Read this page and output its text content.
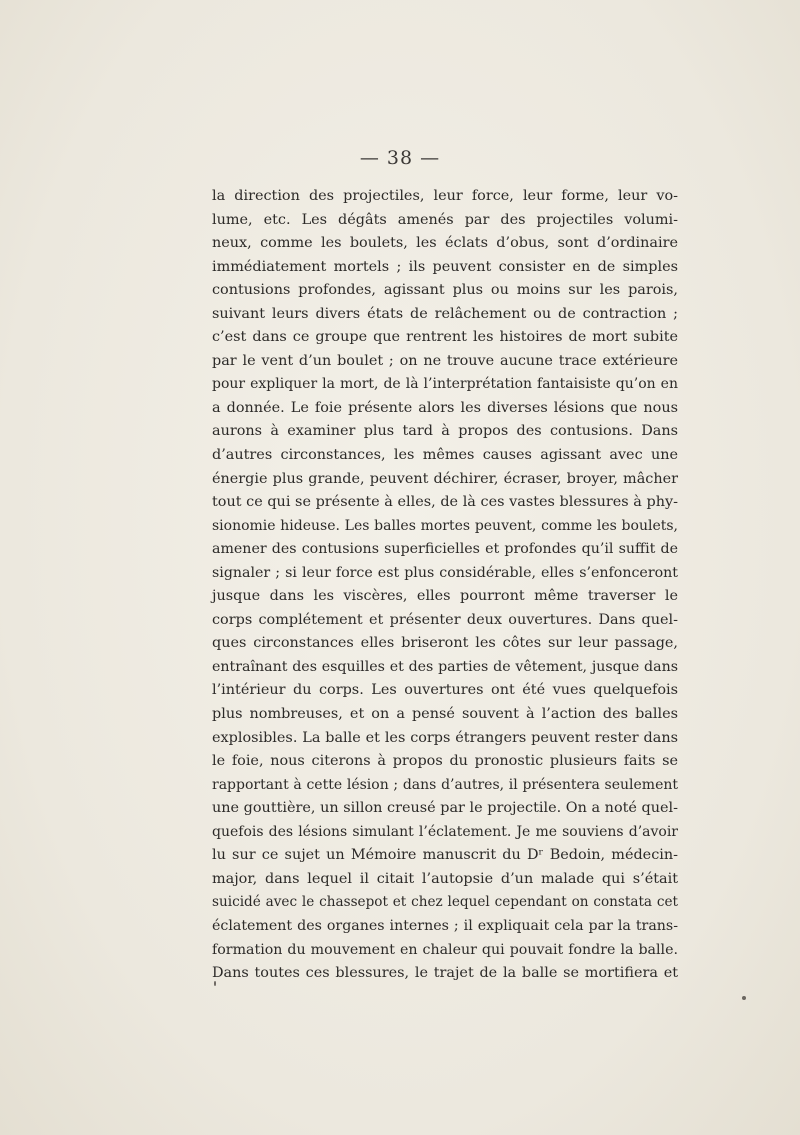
— 38 —
la direction des projectiles, leur force, leur forme, leur vo-
lume, etc. Les dégâts amenés par des projectiles volumi-
neux, comme les boulets, les éclats d’obus, sont d’ordinaire
immédiatement mortels ; ils peuvent consister en de simples
contusions profondes, agissant plus ou moins sur les parois,
suivant leurs divers états de relâchement ou de contraction ;
c’est dans ce groupe que rentrent les histoires de mort subite
par le vent d’un boulet ; on ne trouve aucune trace extérieure
pour expliquer la mort, de là l’interprétation fantaisiste qu’on en
a donnée. Le foie présente alors les diverses lésions que nous
aurons à examiner plus tard à propos des contusions. Dans
d’autres circonstances, les mêmes causes agissant avec une
énergie plus grande, peuvent déchirer, écraser, broyer, mâcher
tout ce qui se présente à elles, de là ces vastes blessures à phy-
sionomie hideuse. Les balles mortes peuvent, comme les boulets,
amener des contusions superficielles et profondes qu’il suffit de
signaler ; si leur force est plus considérable, elles s’enfonceront
jusque dans les viscères, elles pourront même traverser le
corps complétement et présenter deux ouvertures. Dans quel-
ques circonstances elles briseront les côtes sur leur passage,
entraînant des esquilles et des parties de vêtement, jusque dans
l’intérieur du corps. Les ouvertures ont été vues quelquefois
plus nombreuses, et on a pensé souvent à l’action des balles
explosibles. La balle et les corps étrangers peuvent rester dans
le foie, nous citerons à propos du pronostic plusieurs faits se
rapportant à cette lésion ; dans d’autres, il présentera seulement
une gouttière, un sillon creusé par le projectile. On a noté quel-
quefois des lésions simulant l’éclatement. Je me souviens d’avoir
lu sur ce sujet un Mémoire manuscrit du Dʳ Bedoin, médecin-
major, dans lequel il citait l’autopsie d’un malade qui s’était
suicidé avec le chassepot et chez lequel cependant on constata cet
éclatement des organes internes ; il expliquait cela par la trans-
formation du mouvement en chaleur qui pouvait fondre la balle.
Dans toutes ces blessures, le trajet de la balle se mortifiera et
